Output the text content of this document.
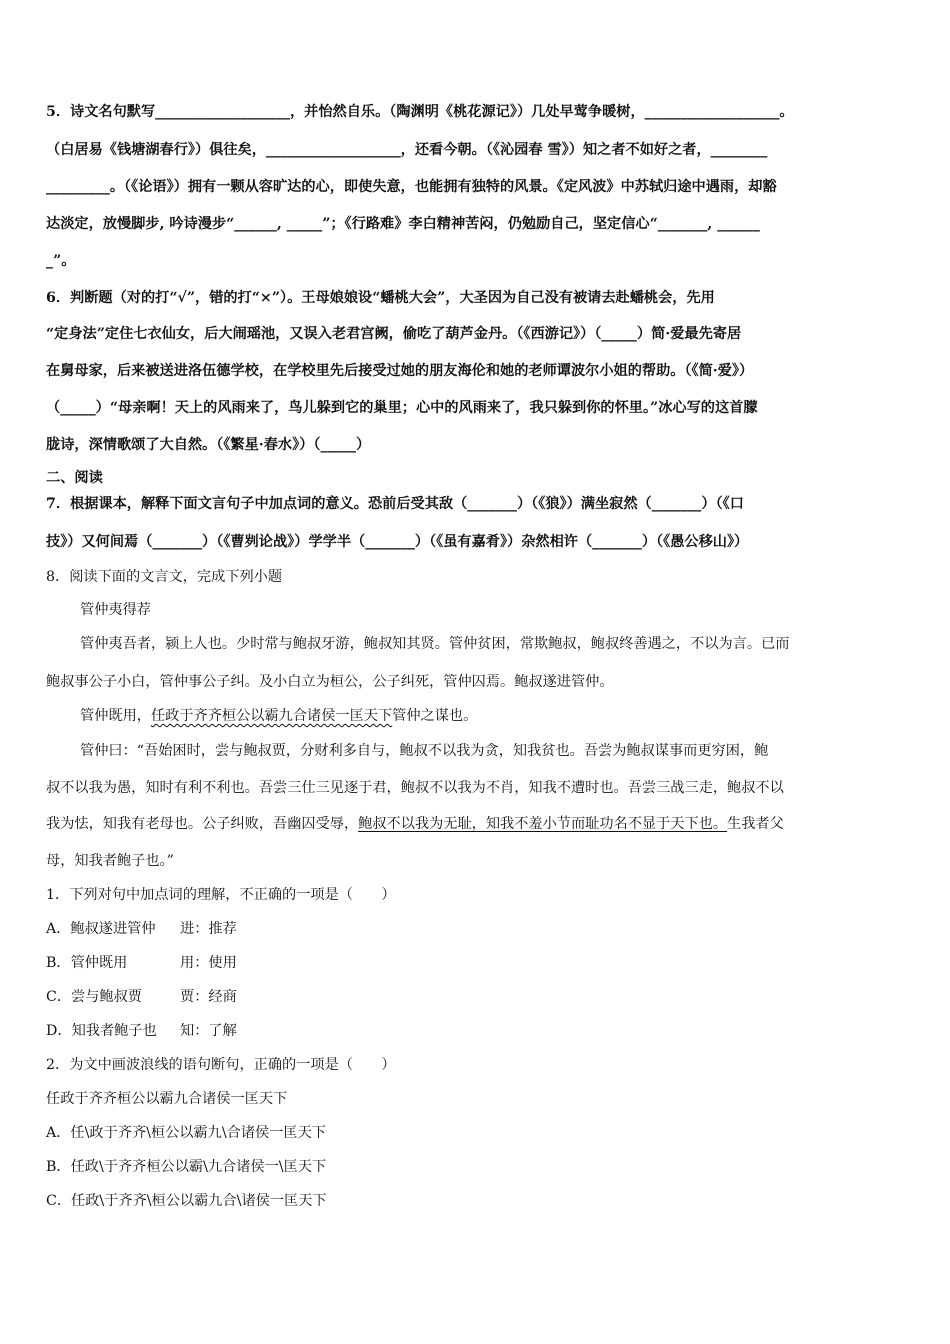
5．诗文名句默写___________________，并怡然自乐。（陶渊明《桃花源记》）几处早莺争暖树，___________________。
（白居易《钱塘湖春行》）俱往矣，___________________，还看今朝。（《沁园春 雪》）知之者不如好之者，________
_________。（《论语》）拥有一颗从容旷达的心，即使失意，也能拥有独特的风景。《定风波》中苏轼归途中遇雨，却豁
达淡定，放慢脚步, 吟诗漫步“______, _____”；《行路难》李白精神苦闷，仍勉励自己，坚定信心“_______, ______
_”。
6．判断题（对的打“√”，错的打“×”）。王母娘娘设“蟠桃大会”，大圣因为自己没有被请去赴蟠桃会，先用
“定身法”定住七衣仙女，后大闹瑶池，又误入老君宫阙，偷吃了葫芦金丹。（《西游记》）（_____）简·爱最先寄居
在舅母家，后来被送进洛伍德学校，在学校里先后接受过她的朋友海伦和她的老师谭波尔小姐的帮助。（《简·爱》）
（_____）“母亲啊！天上的风雨来了，鸟儿躲到它的巢里；心中的风雨来了，我只躲到你的怀里。”冰心写的这首朦
胧诗，深情歌颂了大自然。（《繁星·春水》）（_____）
二、阅读
7．根据课本，解释下面文言句子中加点词的意义。恐前后受其敌（_______）（《狼》）满坐寂然（_______）（《口
技》）又何间焉（_______）（《曹刿论战》）学学半（_______）（《虽有嘉肴》）杂然相许（_______）（《愚公移山》）
8．阅读下面的文言文，完成下列小题
管仲夷得荐
管仲夷吾者，颍上人也。少时常与鲍叔牙游，鲍叔知其贤。管仲贫困，常欺鲍叔，鲍叔终善遇之，不以为言。已而
鲍叔事公子小白，管仲事公子纠。及小白立为桓公，公子纠死，管仲囚焉。鲍叔遂进管仲。
管仲既用，任政于齐齐桓公以霸九合诸侯一匡天下管仲之谋也。
管仲曰：“吾始困时，尝与鲍叔贾，分财利多自与，鲍叔不以我为贪，知我贫也。吾尝为鲍叔谋事而更穷困，鲍
叔不以我为愚，知时有利不利也。吾尝三仕三见逐于君，鲍叔不以我为不肖，知我不遭时也。吾尝三战三走，鲍叔不以
我为怯，知我有老母也。公子纠败，吾幽囚受辱，鲍叔不以我为无耻，知我不羞小节而耻功名不显于天下也。生我者父
母，知我者鲍子也。”
1．下列对句中加点词的理解，不正确的一项是（　　）
A．鲍叔遂进管仲 进：推荐
B．管仲既用	用：使用
C．尝与鲍叔贾	贾：经商
D．知我者鲍子也 知：了解
2．为文中画波浪线的语句断句，正确的一项是（　　）
任政于齐齐桓公以霸九合诸侯一匡天下
A．任\政于齐齐\桓公以霸九\合诸侯一匡天下
B．任政\于齐齐桓公以霸\九合诸侯一\匡天下
C．任政\于齐齐\桓公以霸九合\诸侯一匡天下
